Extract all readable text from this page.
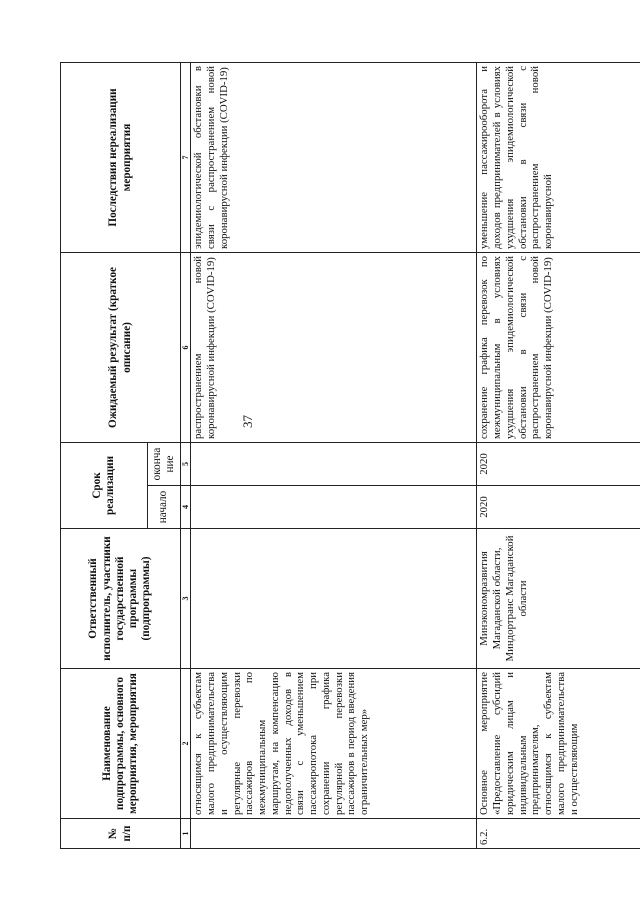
37
№ п/п	Наименование подпрограммы, основного мероприятия, мероприятия	Ответственный исполнитель, участники государственной программы (подпрограммы)	Срок реализации		Ожидаемый результат (краткое описание)	Последствия нереализации мероприятия
			начало	оконча ние		
1	2	3	4	5	6	7
	относящимся к субъектам малого предпринимательства и осуществляющим регулярные перевозки пассажиров по межмуниципальным маршрутам, на компенсацию недополученных доходов в связи с уменьшением пассажиропотока при сохранении графика регулярной перевозки пассажиров в период введения ограничительных мер»				распространением новой коронавирусной инфекции (COVID-19)	эпидемиологической обстановки в связи с распространением новой коронавирусной инфекции (COVID-19)
6.2.	Основное мероприятие «Предоставление субсидий юридическим лицам и индивидуальным предпринимателям, относящимся к субъектам малого предпринимательства и осуществляющим	Минэкономразвития Магаданской области, Миндортранс Магаданской области	2020	2020	сохранение графика перевозок по межмуниципальным в условиях ухудшения эпидемиологической обстановки в связи с распространением новой коронавирусной инфекции (COVID-19)	уменьшение пассажирооборота и доходов предпринимателей в условиях ухудшения эпидемиологической обстановки в связи с распространением новой коронавирусной
